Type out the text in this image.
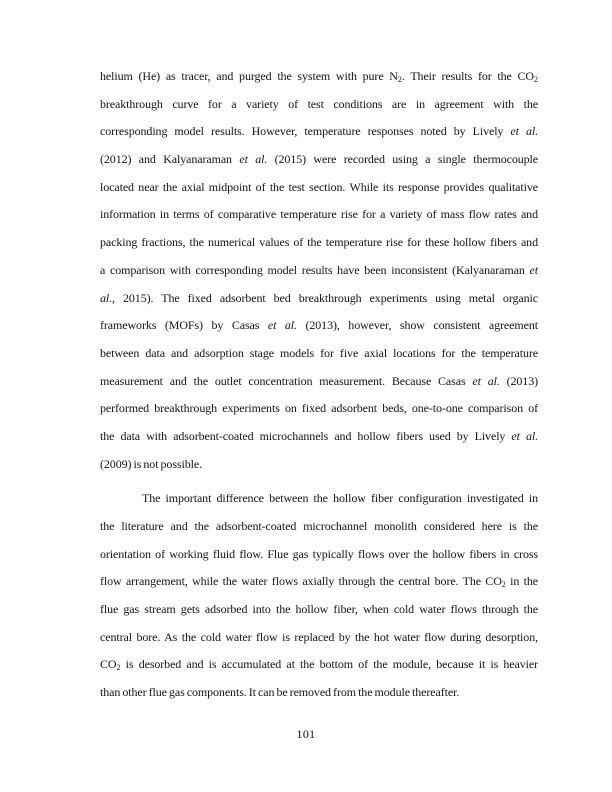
helium (He) as tracer, and purged the system with pure $N_2$. Their results for the $CO_2$
breakthrough curve for a variety of test conditions are in agreement with the
corresponding model results. However, temperature responses noted by Lively et al.
(2012) and Kalyanaraman et al. (2015) were recorded using a single thermocouple
located near the axial midpoint of the test section. While its response provides qualitative
information in terms of comparative temperature rise for a variety of mass flow rates and
packing fractions, the numerical values of the temperature rise for these hollow fibers and
a comparison with corresponding model results have been inconsistent (Kalyanaraman et
al., 2015). The fixed adsorbent bed breakthrough experiments using metal organic
frameworks (MOFs) by Casas et al. (2013), however, show consistent agreement
between data and adsorption stage models for five axial locations for the temperature
measurement and the outlet concentration measurement. Because Casas et al. (2013)
performed breakthrough experiments on fixed adsorbent beds, one-to-one comparison of
the data with adsorbent-coated microchannels and hollow fibers used by Lively et al.
(2009) is not possible.
The important difference between the hollow fiber configuration investigated in
the literature and the adsorbent-coated microchannel monolith considered here is the
orientation of working fluid flow. Flue gas typically flows over the hollow fibers in cross
flow arrangement, while the water flows axially through the central bore. The $CO_2$ in the
flue gas stream gets adsorbed into the hollow fiber, when cold water flows through the
central bore. As the cold water flow is replaced by the hot water flow during desorption,
$CO_2$ is desorbed and is accumulated at the bottom of the module, because it is heavier
than other flue gas components. It can be removed from the module thereafter.
101
